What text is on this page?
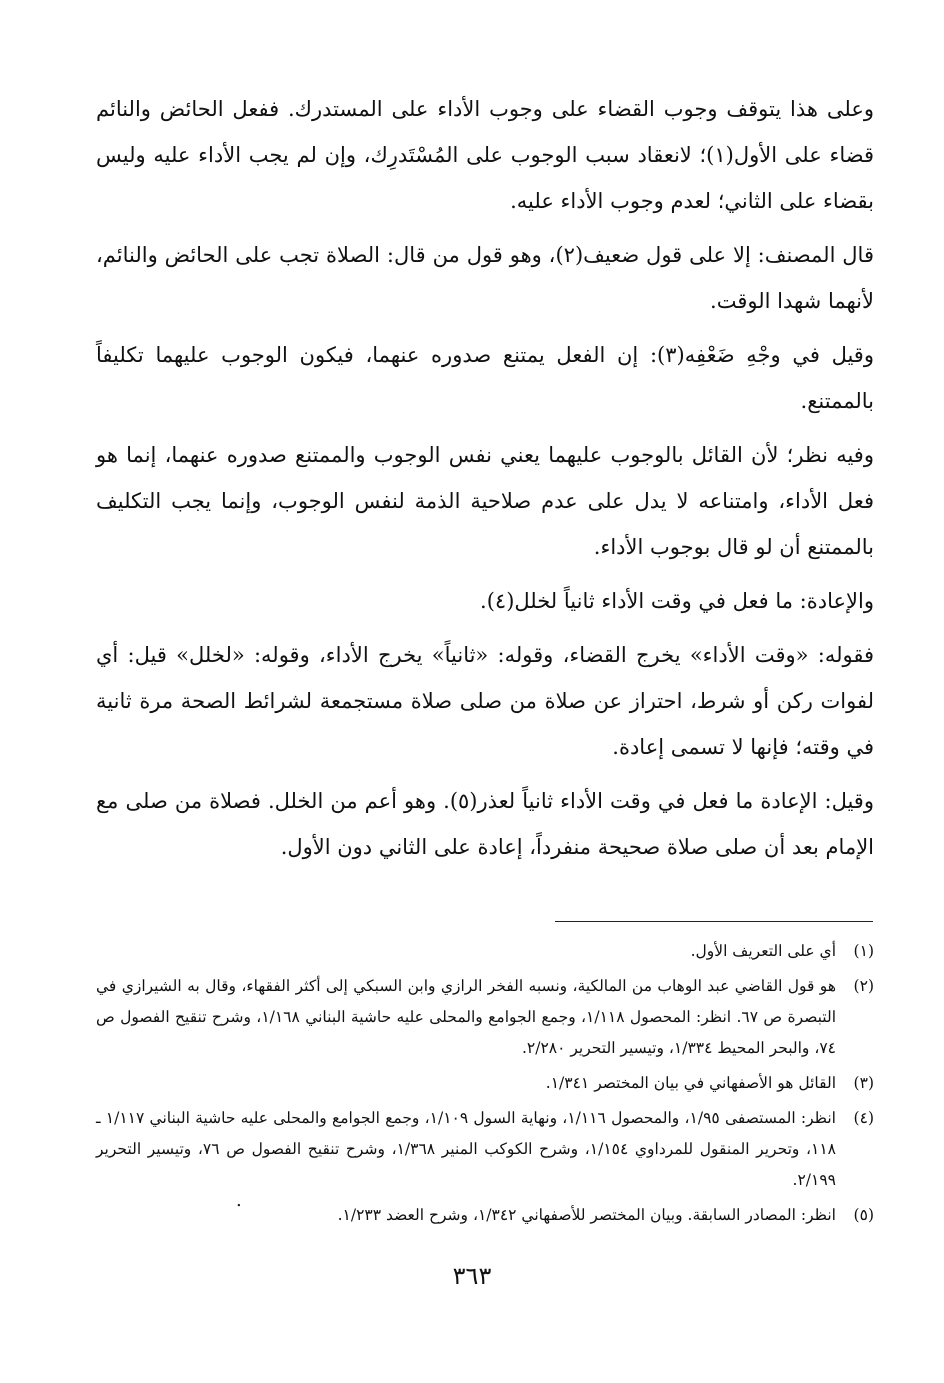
وعلى هذا يتوقف وجوب القضاء على وجوب الأداء على المستدرك. ففعل الحائض والنائم قضاء على الأول(١)؛ لانعقاد سبب الوجوب على المُسْتَدرِك، وإن لم يجب الأداء عليه وليس بقضاء على الثاني؛ لعدم وجوب الأداء عليه.

قال المصنف: إلا على قول ضعيف(٢)، وهو قول من قال: الصلاة تجب على الحائض والنائم، لأنهما شهدا الوقت.

وقيل في وجْهِ ضَعْفِه(٣): إن الفعل يمتنع صدوره عنهما، فيكون الوجوب عليهما تكليفاً بالممتنع.

وفيه نظر؛ لأن القائل بالوجوب عليهما يعني نفس الوجوب والممتنع صدوره عنهما، إنما هو فعل الأداء، وامتناعه لا يدل على عدم صلاحية الذمة لنفس الوجوب، وإنما يجب التكليف بالممتنع أن لو قال بوجوب الأداء.

والإعادة: ما فعل في وقت الأداء ثانياً لخلل(٤).

فقوله: «وقت الأداء» يخرج القضاء، وقوله: «ثانياً» يخرج الأداء، وقوله: «لخلل» قيل: أي لفوات ركن أو شرط، احتراز عن صلاة من صلى صلاة مستجمعة لشرائط الصحة مرة ثانية في وقته؛ فإنها لا تسمى إعادة.

وقيل: الإعادة ما فعل في وقت الأداء ثانياً لعذر(٥). وهو أعم من الخلل. فصلاة من صلى مع الإمام بعد أن صلى صلاة صحيحة منفرداً، إعادة على الثاني دون الأول.

(١)
أي على التعريف الأول.
(٢)
هو قول القاضي عبد الوهاب من المالكية، ونسبه الفخر الرازي وابن السبكي إلى أكثر الفقهاء، وقال به الشيرازي في التبصرة ص ٦٧. انظر: المحصول ١/١١٨، وجمع الجوامع والمحلى عليه حاشية البناني ١/١٦٨، وشرح تنقيح الفصول ص ٧٤، والبحر المحيط ١/٣٣٤، وتيسير التحرير ٢/٢٨٠.
(٣)
القائل هو الأصفهاني في بيان المختصر ١/٣٤١.
(٤)
انظر: المستصفى ١/٩٥، والمحصول ١/١١٦، ونهاية السول ١/١٠٩، وجمع الجوامع والمحلى عليه حاشية البناني ١/١١٧ ـ ١١٨، وتحرير المنقول للمرداوي ١/١٥٤، وشرح الكوكب المنير ١/٣٦٨، وشرح تنقيح الفصول ص ٧٦، وتيسير التحرير ٢/١٩٩.
(٥)
انظر: المصادر السابقة. وبيان المختصر للأصفهاني ١/٣٤٢، وشرح العضد ١/٢٣٣.
.
٣٦٣
